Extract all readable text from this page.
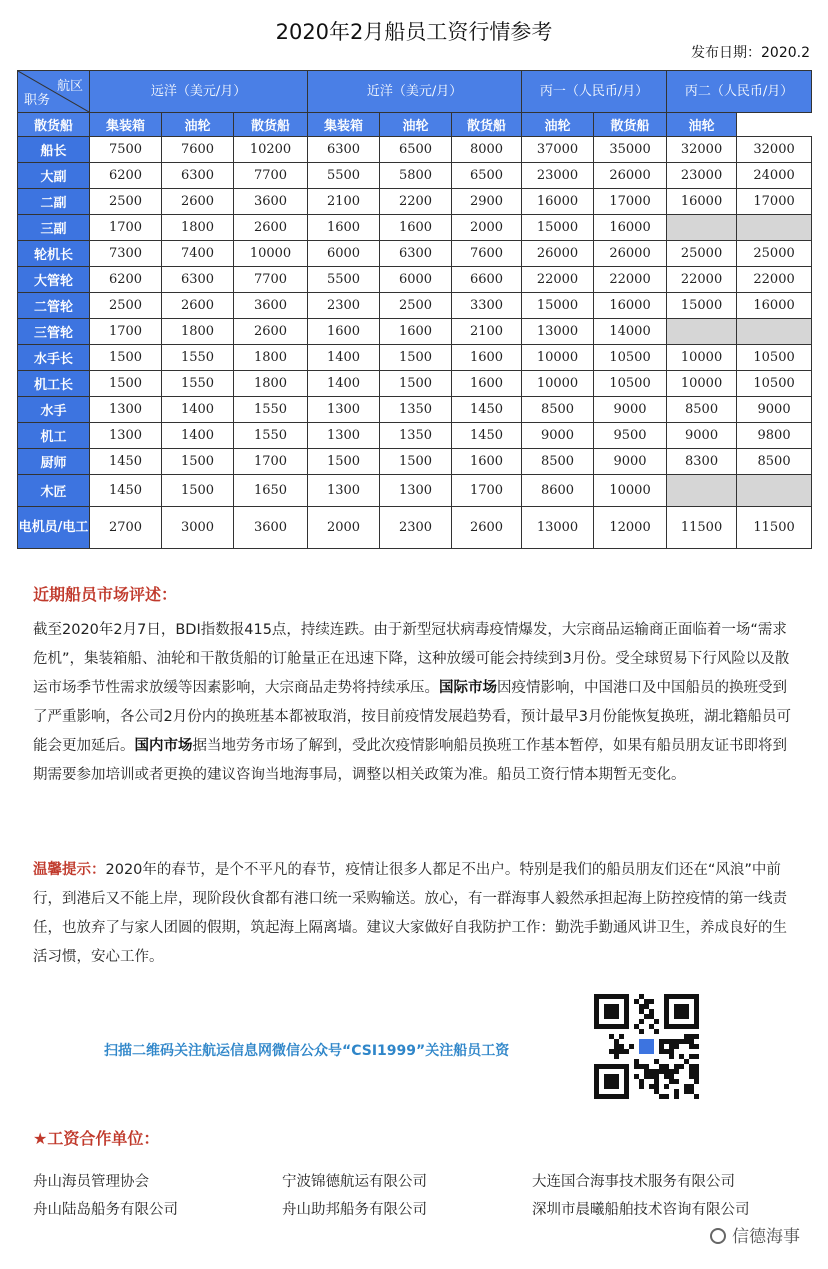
2020年2月船员工资行情参考
发布日期：2020.2
航区
职务	远洋（美元/月）			近洋（美元/月）			丙一（人民币/月）		丙二（人民币/月）	
散货船	集装箱	油轮	散货船	集装箱	油轮	散货船	油轮	散货船	油轮	
船长	7500	7600	10200	6300	6500	8000	37000	35000	32000	32000
大副	6200	6300	7700	5500	5800	6500	23000	26000	23000	24000
二副	2500	2600	3600	2100	2200	2900	16000	17000	16000	17000
三副	1700	1800	2600	1600	1600	2000	15000	16000		
轮机长	7300	7400	10000	6000	6300	7600	26000	26000	25000	25000
大管轮	6200	6300	7700	5500	6000	6600	22000	22000	22000	22000
二管轮	2500	2600	3600	2300	2500	3300	15000	16000	15000	16000
三管轮	1700	1800	2600	1600	1600	2100	13000	14000		
水手长	1500	1550	1800	1400	1500	1600	10000	10500	10000	10500
机工长	1500	1550	1800	1400	1500	1600	10000	10500	10000	10500
水手	1300	1400	1550	1300	1350	1450	8500	9000	8500	9000
机工	1300	1400	1550	1300	1350	1450	9000	9500	9000	9800
厨师	1450	1500	1700	1500	1500	1600	8500	9000	8300	8500
木匠	1450	1500	1650	1300	1300	1700	8600	10000		
电机员/电工	2700	3000	3600	2000	2300	2600	13000	12000	11500	11500
近期船员市场评述：
截至2020年2月7日，BDI指数报415点，持续连跌。由于新型冠状病毒疫情爆发，大宗商品运输商正面临着一场“需求危机”，集装箱船、油轮和干散货船的订舱量正在迅速下降，这种放缓可能会持续到3月份。受全球贸易下行风险以及散运市场季节性需求放缓等因素影响，大宗商品走势将持续承压。国际市场因疫情影响，中国港口及中国船员的换班受到了严重影响，各公司2月份内的换班基本都被取消，按目前疫情发展趋势看，预计最早3月份能恢复换班，湖北籍船员可能会更加延后。国内市场据当地劳务市场了解到，受此次疫情影响船员换班工作基本暂停，如果有船员朋友证书即将到期需要参加培训或者更换的建议咨询当地海事局，调整以相关政策为准。船员工资行情本期暂无变化。
温馨提示：2020年的春节，是个不平凡的春节，疫情让很多人都足不出户。特别是我们的船员朋友们还在“风浪”中前行，到港后又不能上岸，现阶段伙食都有港口统一采购输送。放心，有一群海事人毅然承担起海上防控疫情的第一线责任，也放弃了与家人团圆的假期，筑起海上隔离墙。建议大家做好自我防护工作：勤洗手勤通风讲卫生，养成良好的生活习惯，安心工作。
扫描二维码关注航运信息网微信公众号“CSI1999”关注船员工资
★工资合作单位：
舟山海员管理协会	宁波锦德航运有限公司	大连国合海事技术服务有限公司
舟山陆岛船务有限公司	舟山助邦船务有限公司	深圳市晨曦船舶技术咨询有限公司
信德海事
